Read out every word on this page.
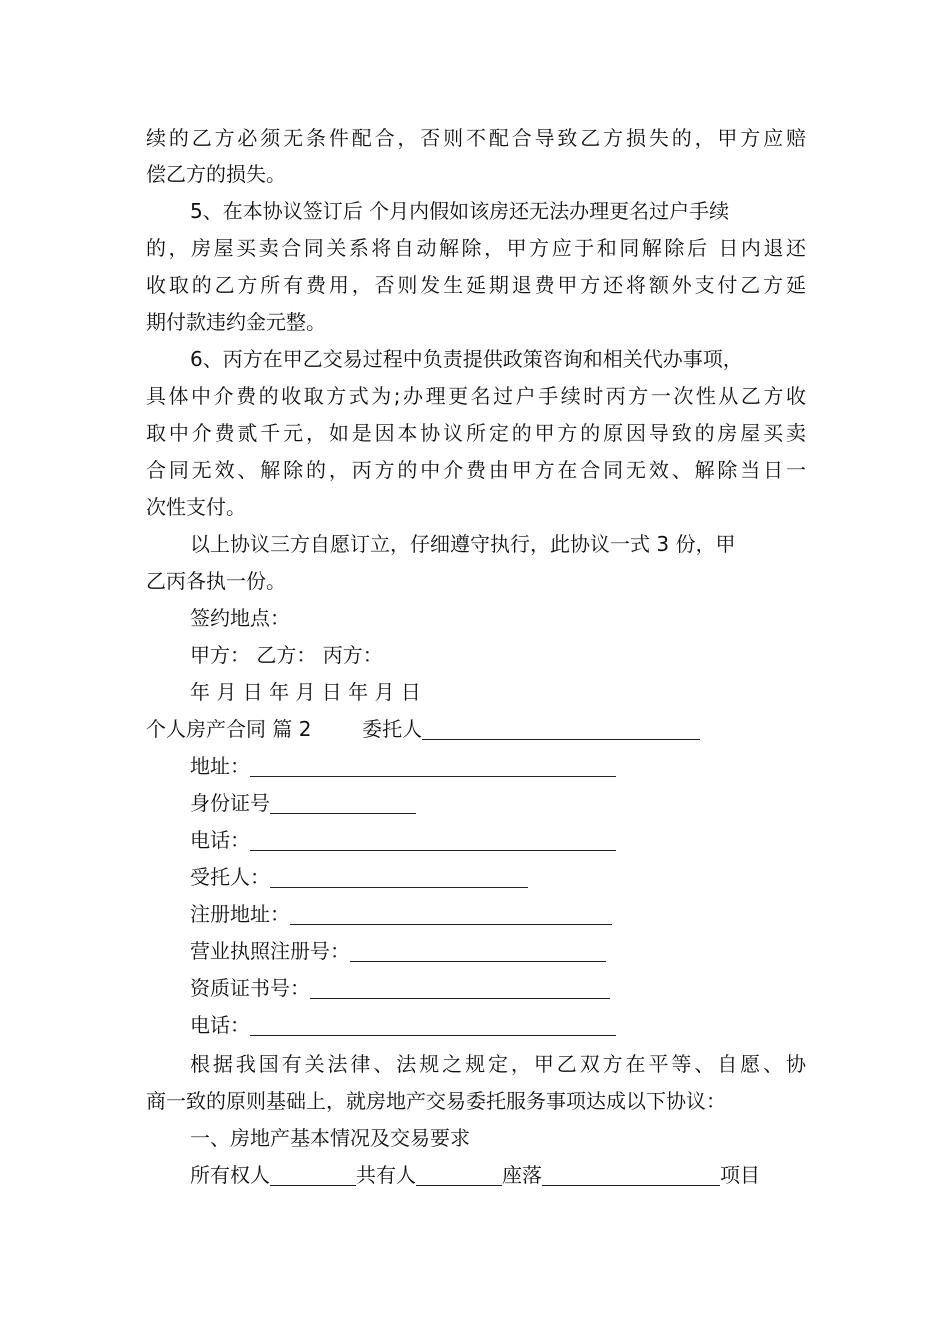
续的乙方必须无条件配合，否则不配合导致乙方损失的，甲方应赔
偿乙方的损失。
5、在本协议签订后 个月内假如该房还无法办理更名过户手续
的，房屋买卖合同关系将自动解除，甲方应于和同解除后 日内退还
收取的乙方所有费用，否则发生延期退费甲方还将额外支付乙方延
期付款违约金元整。
6、丙方在甲乙交易过程中负责提供政策咨询和相关代办事项，
具体中介费的收取方式为;办理更名过户手续时丙方一次性从乙方收
取中介费贰千元，如是因本协议所定的甲方的原因导致的房屋买卖
合同无效、解除的，丙方的中介费由甲方在合同无效、解除当日一
次性支付。
以上协议三方自愿订立，仔细遵守执行，此协议一式 3 份，甲
乙丙各执一份。
签约地点：
甲方： 乙方： 丙方：
年 月 日 年 月 日 年 月 日
个人房产合同 篇 2	委托人
地址：
身份证号
电话：
受托人：
注册地址：
营业执照注册号：
资质证书号：
电话：
根据我国有关法律、法规之规定，甲乙双方在平等、自愿、协
商一致的原则基础上，就房地产交易委托服务事项达成以下协议：
一、房地产基本情况及交易要求
所有权人	共有人	座落	项目
